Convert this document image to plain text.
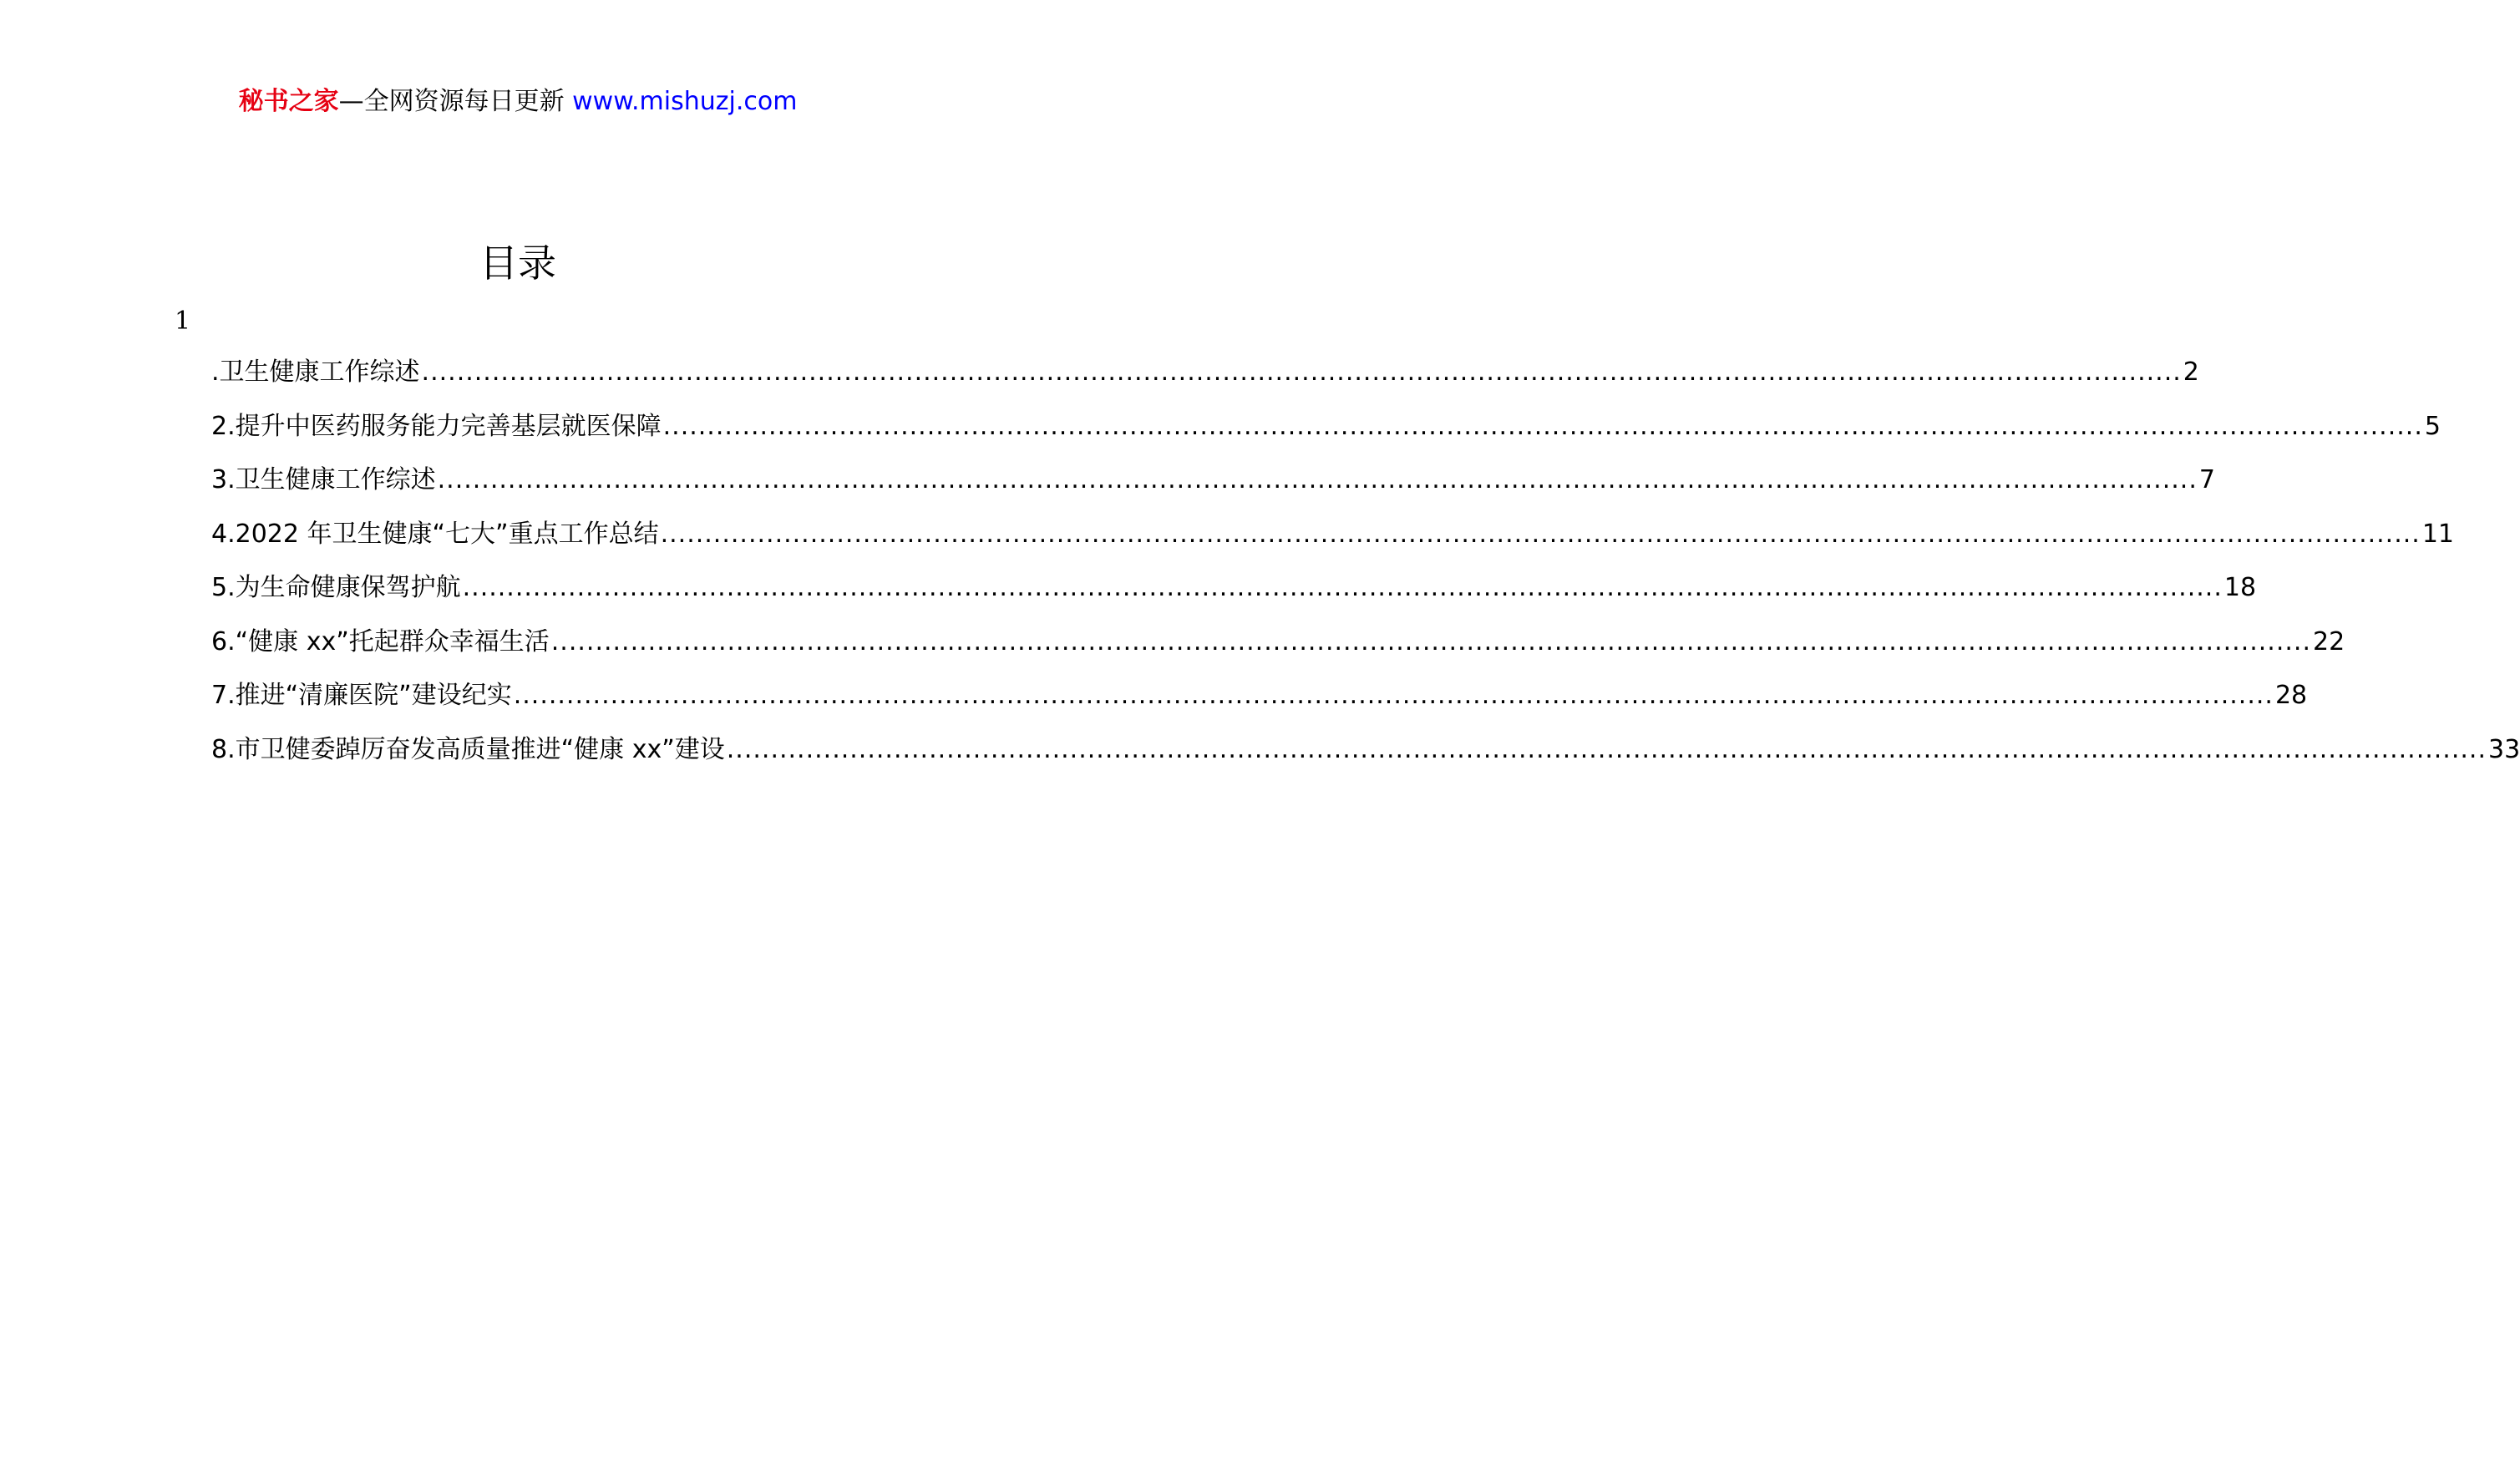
秘书之家—全网资源每日更新 www.mishuzj.com
目录
1
.卫生健康工作综述 ........................................................................................................................................................................................................ 2
2.提升中医药服务能力完善基层就医保障 ........................................................................................................................................................................................................ 5
3.卫生健康工作综述 ........................................................................................................................................................................................................ 7
4.2022 年卫生健康“七大”重点工作总结 ........................................................................................................................................................................................................ 11
5.为生命健康保驾护航 ........................................................................................................................................................................................................ 18
6.“健康 xx”托起群众幸福生活 ........................................................................................................................................................................................................ 22
7.推进“清廉医院”建设纪实 ........................................................................................................................................................................................................ 28
8.市卫健委踔厉奋发高质量推进“健康 xx”建设 ........................................................................................................................................................................................................ 33
